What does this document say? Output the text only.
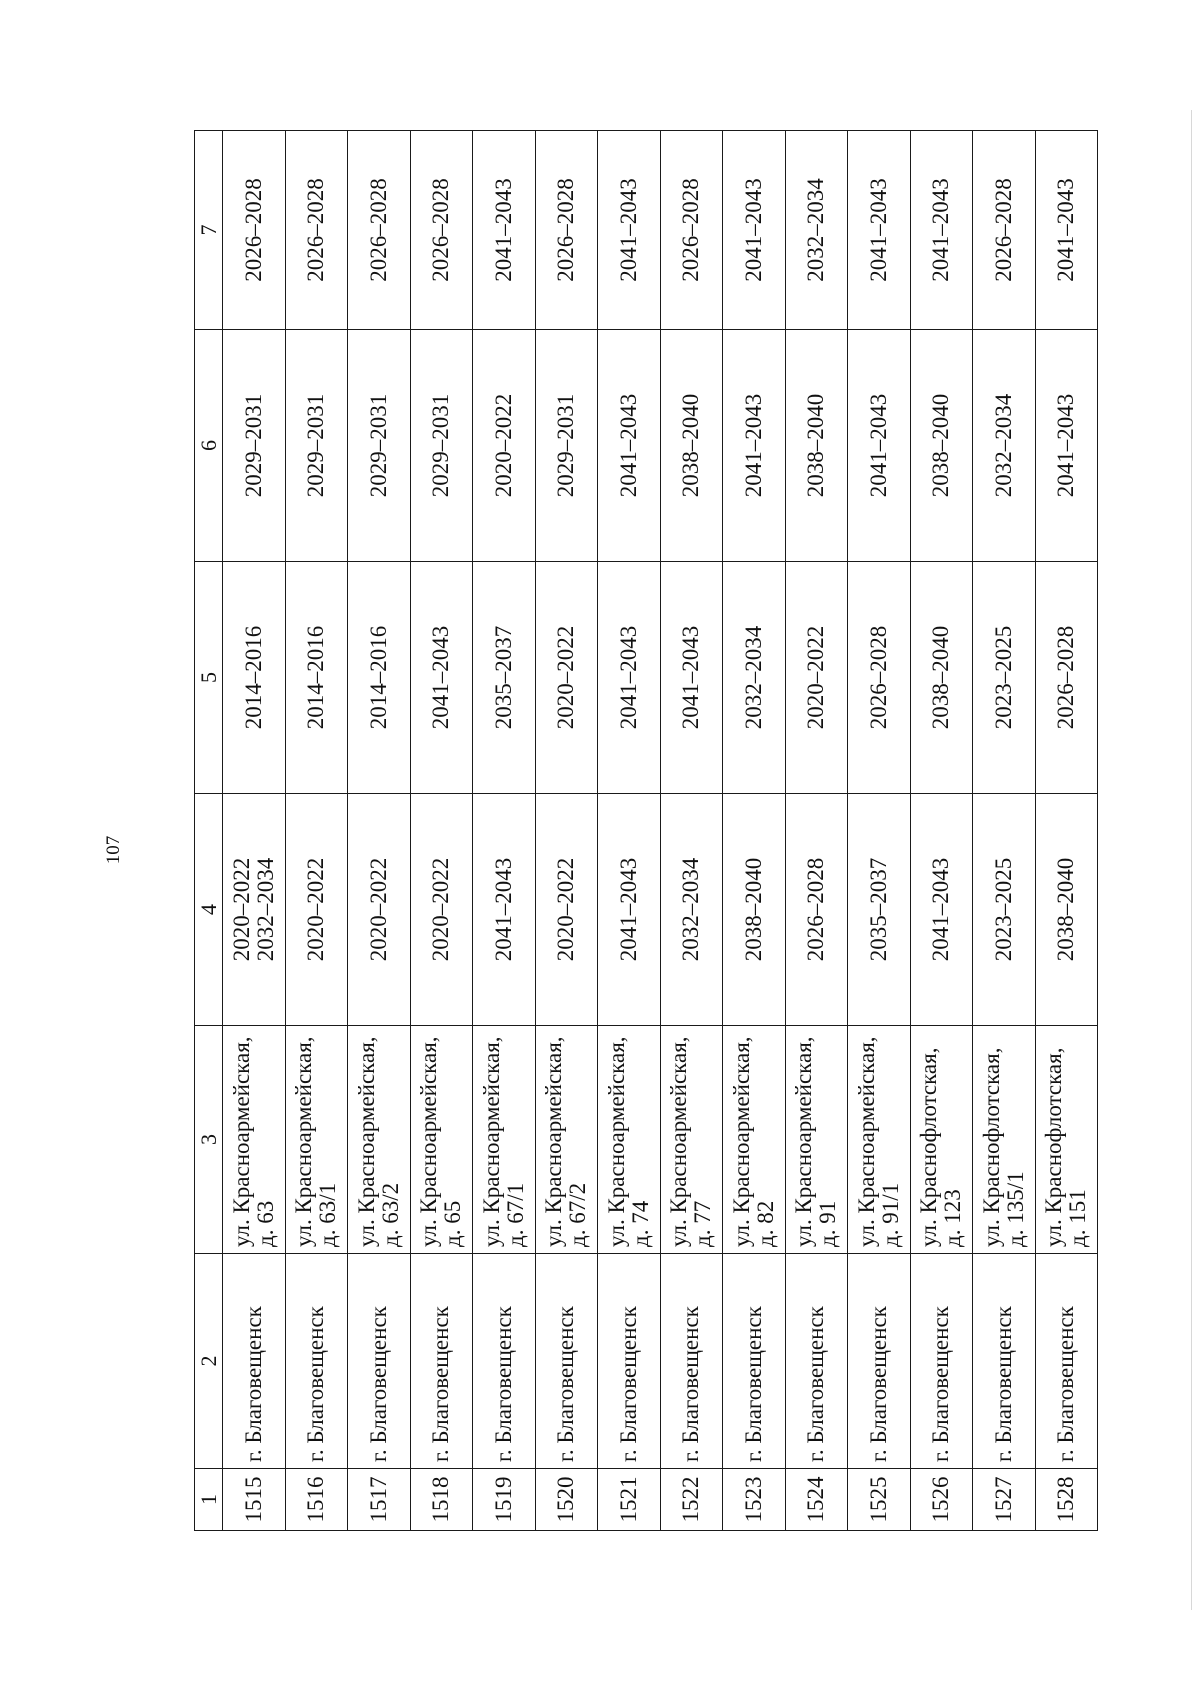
107
1	2	3	4	5	6	7
1515	г. Благовещенск	ул. Красноармейская, д. 63	2020–2022 2032–2034	2014–2016	2029–2031	2026–2028
1516	г. Благовещенск	ул. Красноармейская, д. 63/1	2020–2022	2014–2016	2029–2031	2026–2028
1517	г. Благовещенск	ул. Красноармейская, д. 63/2	2020–2022	2014–2016	2029–2031	2026–2028
1518	г. Благовещенск	ул. Красноармейская, д. 65	2020–2022	2041–2043	2029–2031	2026–2028
1519	г. Благовещенск	ул. Красноармейская, д. 67/1	2041–2043	2035–2037	2020–2022	2041–2043
1520	г. Благовещенск	ул. Красноармейская, д. 67/2	2020–2022	2020–2022	2029–2031	2026–2028
1521	г. Благовещенск	ул. Красноармейская, д. 74	2041–2043	2041–2043	2041–2043	2041–2043
1522	г. Благовещенск	ул. Красноармейская, д. 77	2032–2034	2041–2043	2038–2040	2026–2028
1523	г. Благовещенск	ул. Красноармейская, д. 82	2038–2040	2032–2034	2041–2043	2041–2043
1524	г. Благовещенск	ул. Красноармейская, д. 91	2026–2028	2020–2022	2038–2040	2032–2034
1525	г. Благовещенск	ул. Красноармейская, д. 91/1	2035–2037	2026–2028	2041–2043	2041–2043
1526	г. Благовещенск	ул. Краснофлотская, д. 123	2041–2043	2038–2040	2038–2040	2041–2043
1527	г. Благовещенск	ул. Краснофлотская, д. 135/1	2023–2025	2023–2025	2032–2034	2026–2028
1528	г. Благовещенск	ул. Краснофлотская, д. 151	2038–2040	2026–2028	2041–2043	2041–2043
